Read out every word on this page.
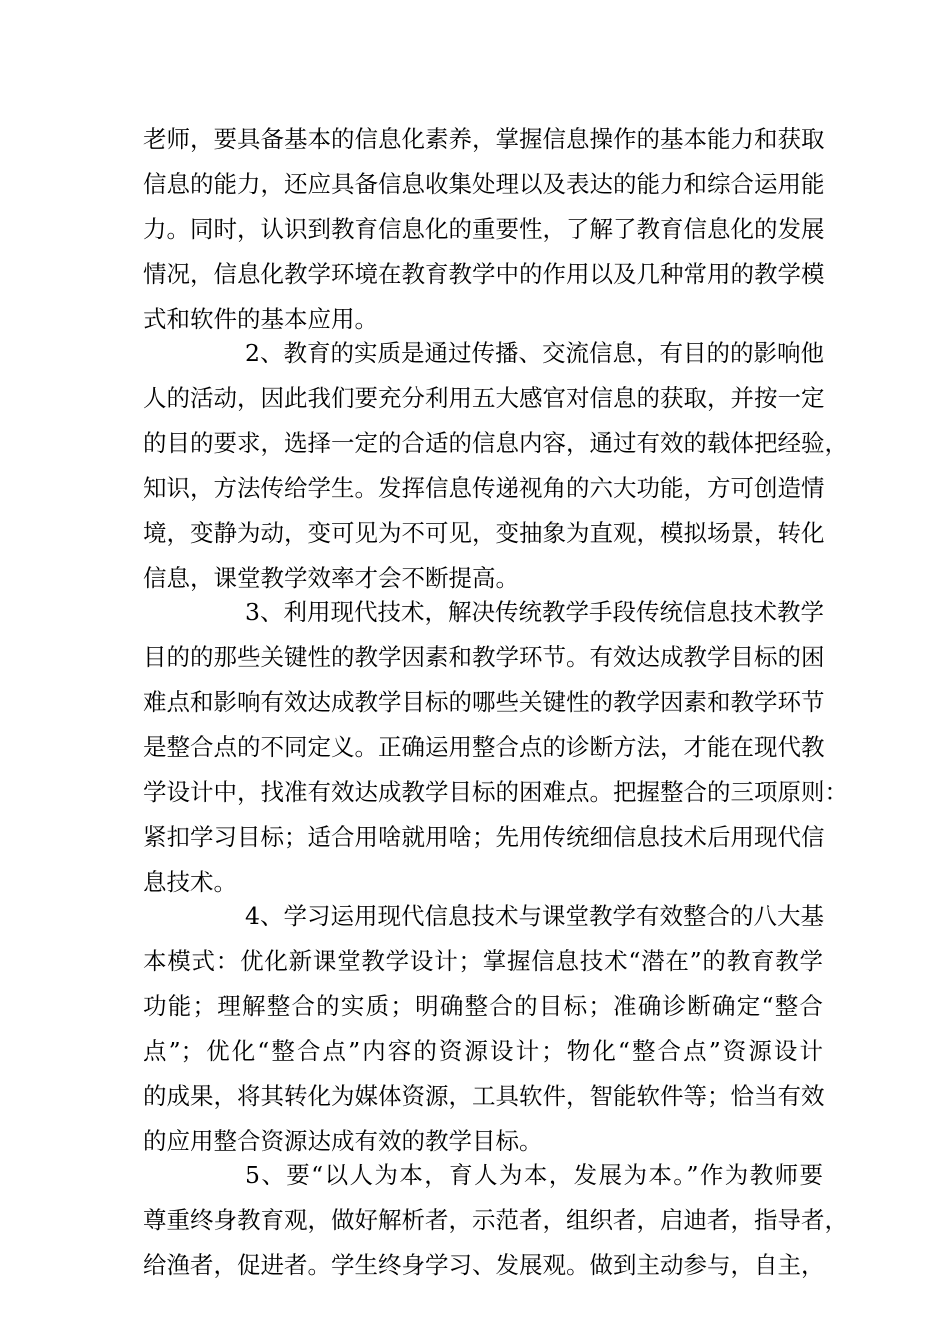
老师，要具备基本的信息化素养，掌握信息操作的基本能力和获取
信息的能力，还应具备信息收集处理以及表达的能力和综合运用能
力。同时，认识到教育信息化的重要性，了解了教育信息化的发展
情况，信息化教学环境在教育教学中的作用以及几种常用的教学模
式和软件的基本应用。
2、教育的实质是通过传播、交流信息，有目的的影响他
人的活动，因此我们要充分利用五大感官对信息的获取，并按一定
的目的要求，选择一定的合适的信息内容，通过有效的载体把经验，
知识，方法传给学生。发挥信息传递视角的六大功能，方可创造情
境，变静为动，变可见为不可见，变抽象为直观，模拟场景，转化
信息，课堂教学效率才会不断提高。
3、利用现代技术，解决传统教学手段传统信息技术教学
目的的那些关键性的教学因素和教学环节。有效达成教学目标的困
难点和影响有效达成教学目标的哪些关键性的教学因素和教学环节
是整合点的不同定义。正确运用整合点的诊断方法，才能在现代教
学设计中，找准有效达成教学目标的困难点。把握整合的三项原则：
紧扣学习目标；适合用啥就用啥；先用传统细信息技术后用现代信
息技术。
4、学习运用现代信息技术与课堂教学有效整合的八大基
本模式：优化新课堂教学设计；掌握信息技术“潜在”的教育教学
功能；理解整合的实质；明确整合的目标；准确诊断确定“整合
点”；优化“整合点”内容的资源设计；物化“整合点”资源设计
的成果，将其转化为媒体资源，工具软件，智能软件等；恰当有效
的应用整合资源达成有效的教学目标。
5、要“以人为本，育人为本，发展为本。”作为教师要
尊重终身教育观，做好解析者，示范者，组织者，启迪者，指导者，
给渔者，促进者。学生终身学习、发展观。做到主动参与，自主，
